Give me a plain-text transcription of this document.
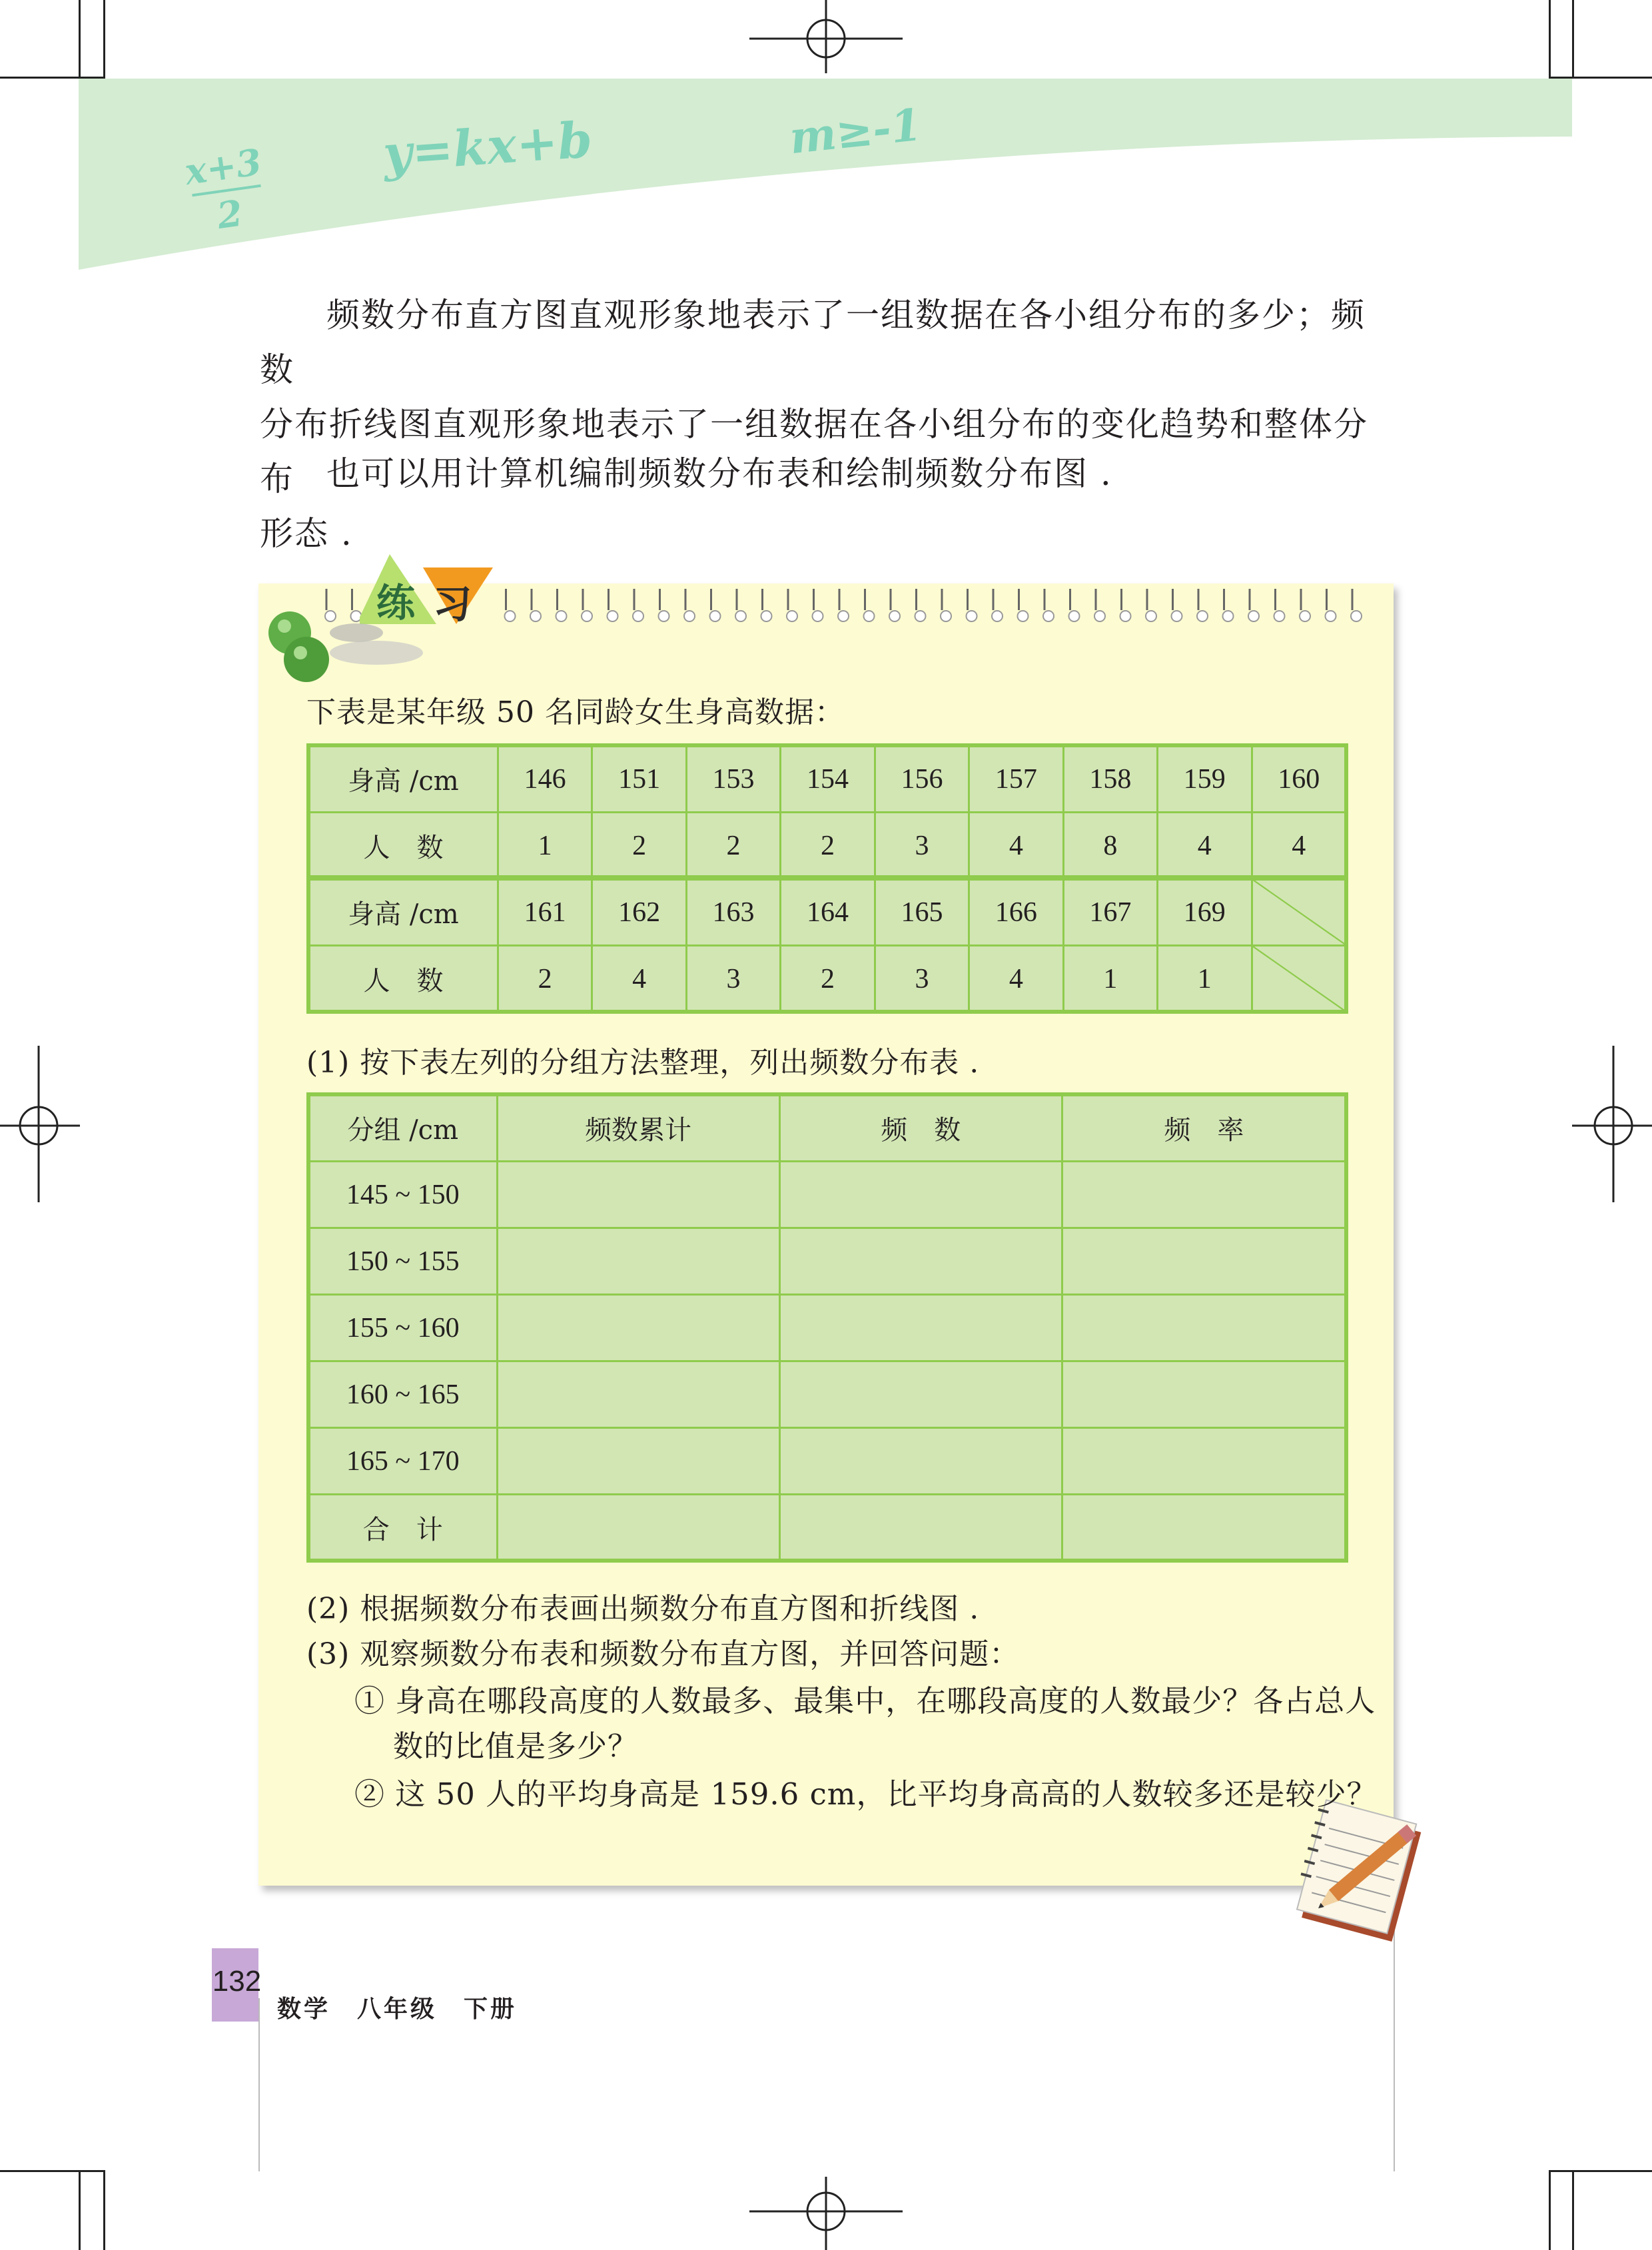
x+3
2
y=kx+b	m≥-1
频数分布直方图直观形象地表示了一组数据在各小组分布的多少；频数
分布折线图直观形象地表示了一组数据在各小组分布的变化趋势和整体分布
形态 .
也可以用计算机编制频数分布表和绘制频数分布图 .
练 习
下表是某年级 50 名同龄女生身高数据：
身高 /cm	146	151	153	154	156	157	158	159	160
人　数	1	2	2	2	3	4	8	4	4
身高 /cm	161	162	163	164	165	166	167	169	

人　数	2	4	3	2	3	4	1	1	
(1) 按下表左列的分组方法整理，列出频数分布表 .
分组 /cm	频数累计	频　数	频　率
145 ~ 150			
150 ~ 155			
155 ~ 160			
160 ~ 165			
165 ~ 170			
合　计			
(2) 根据频数分布表画出频数分布直方图和折线图 .
(3) 观察频数分布表和频数分布直方图，并回答问题：
① 身高在哪段高度的人数最多、最集中，在哪段高度的人数最少？各占总人
数的比值是多少？
② 这 50 人的平均身高是 159.6 cm，比平均身高高的人数较多还是较少？
132
数学　八年级　下册
